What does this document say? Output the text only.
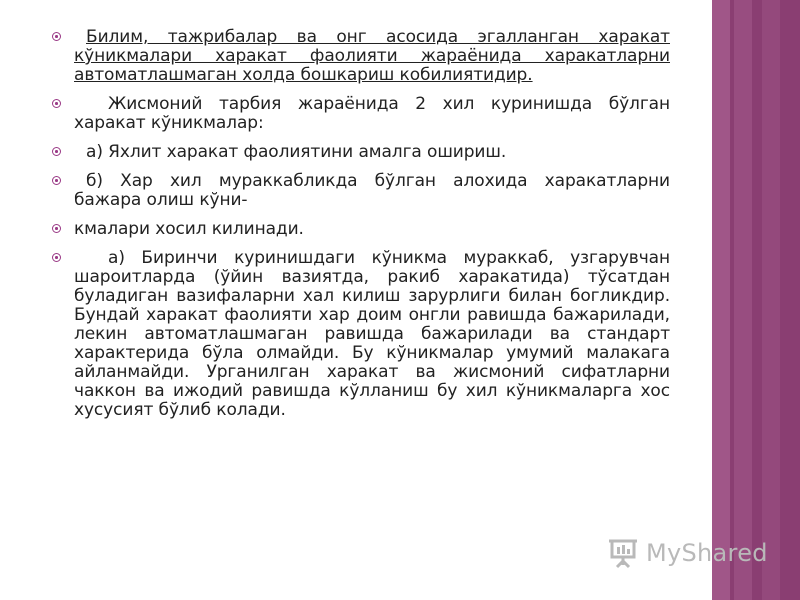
Билим, тажрибалар ва онг асосида эгалланган харакат кўникмалари харакат фаолияти жараёнида харакатларни автоматлашмаган холда бошкариш кобилиятидир.
Жисмоний тарбия жараёнида 2 хил куринишда бўлган харакат кўникмалар:
а) Яхлит харакат фаолиятини амалга ошириш.
б) Хар хил мураккабликда бўлган алохида харакатларни бажара олиш кўни-
кмалари хосил килинади.
а) Биринчи куринишдаги кўникма мураккаб, узгарувчан шароитларда (ўйин вазиятда, ракиб харакатида) тўсатдан буладиган вазифаларни хал килиш зарурлиги билан богликдир. Бундай харакат фаолияти хар доим онгли равишда бажарилади, лекин автоматлашмаган равишда бажарилади ва стандарт характерида бўла олмайди. Бу кўникмалар умумий малакага айланмайди. Урганилган харакат ва жисмоний сифатларни чаккон ва ижодий равишда кўлланиш бу хил кўникмаларга хос хусусият бўлиб колади.
MyShared
